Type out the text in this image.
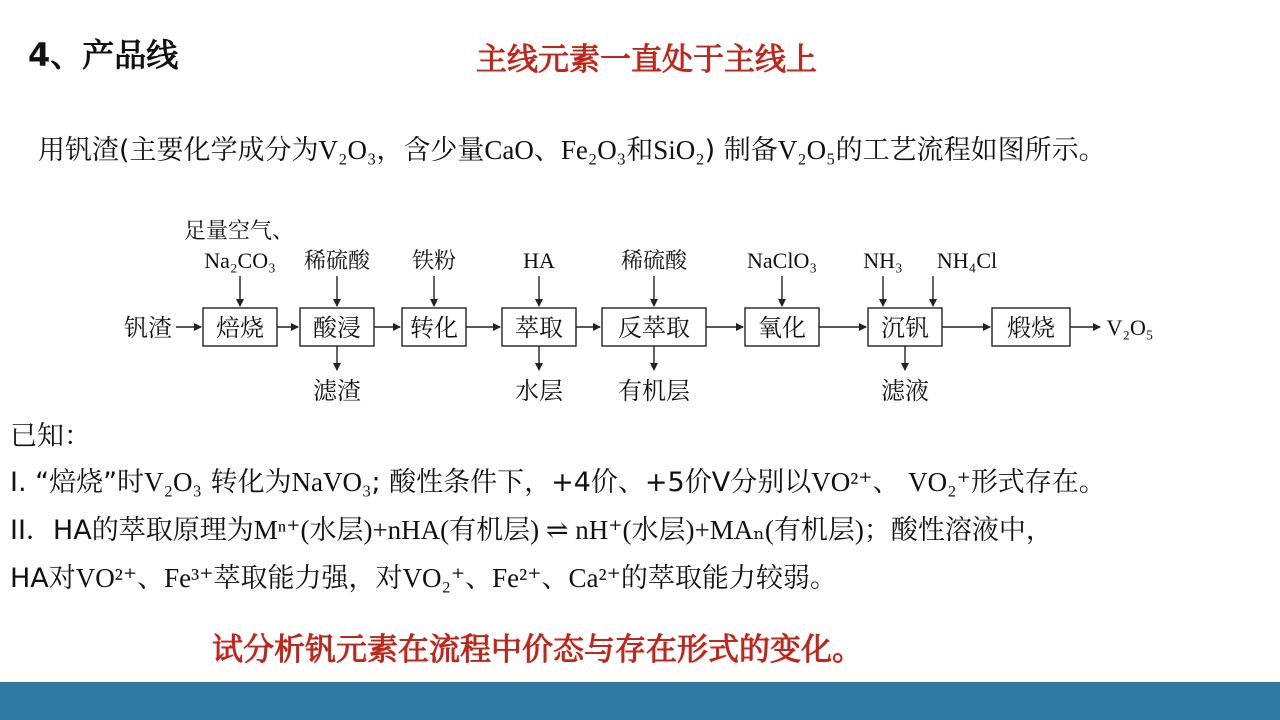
4、产品线	主线元素一直处于主线上
用钒渣(主要化学成分为V₂O₃，含少量CaO、Fe₂O₃和SiO₂) 制备V₂O₅的工艺流程如图所示。
钒渣 焙烧
足量空气、
Na₂CO₃
酸浸
稀硫酸
滤渣
转化
铁粉
萃取
HA
水层
反萃取
稀硫酸
有机层
氧化
NaClO₃
沉钒
NH₃ NH₄Cl
滤液
煅烧 V₂O₅
已知：
I. “焙烧”时V₂O₃ 转化为NaVO₃; 酸性条件下，+4价、+5价V分别以VO²⁺、 VO₂⁺形式存在。
II．HA的萃取原理为Mⁿ⁺(水层)+nHA(有机层) ⇌ nH⁺(水层)+MAₙ(有机层)；酸性溶液中，
HA对VO²⁺、Fe³⁺萃取能力强，对VO₂⁺、Fe²⁺、Ca²⁺的萃取能力较弱。
试分析钒元素在流程中价态与存在形式的变化。
